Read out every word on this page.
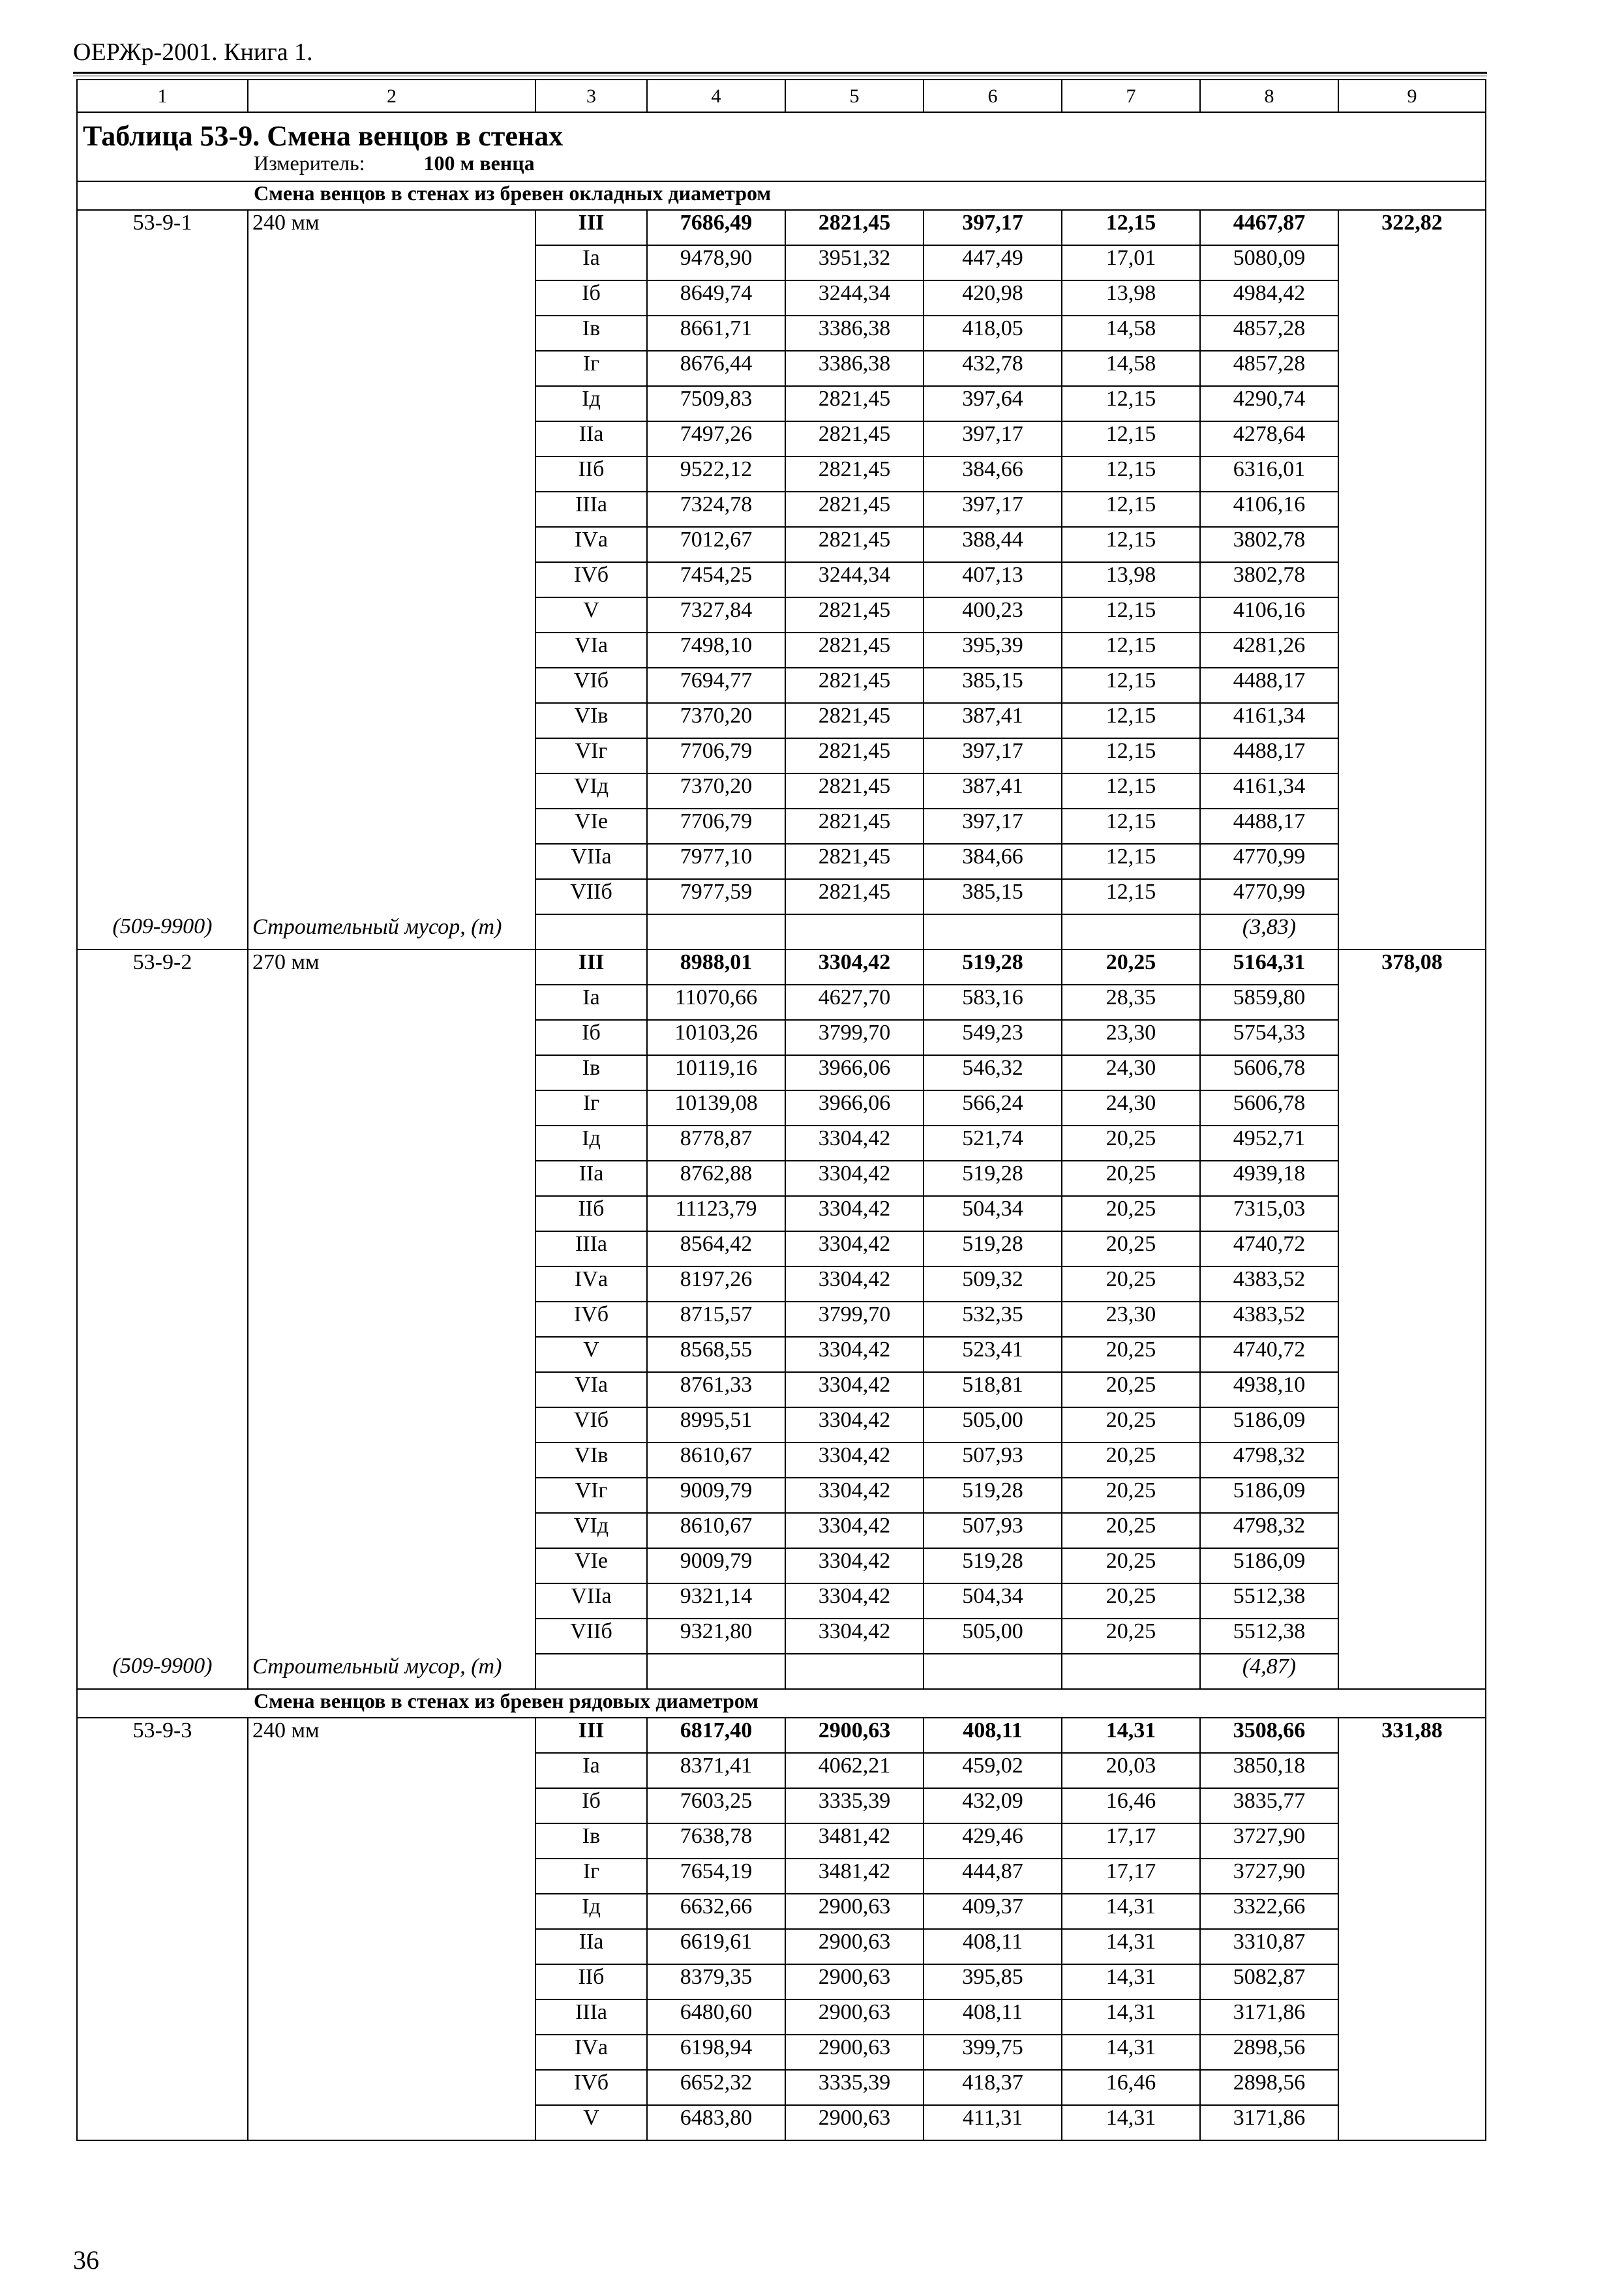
ОЕРЖр-2001. Книга 1.
1	2	3	4	5	6	7	8	9
Таблица 53-9. Смена венцов в стенах								
Измеритель: 100 м венца								
Смена венцов в стенах из бревен окладных диаметром								
53-9-1	240 мм	III	7686,49	2821,45	397,17	12,15	4467,87	322,82
		Iа	9478,90	3951,32	447,49	17,01	5080,09	
		Iб	8649,74	3244,34	420,98	13,98	4984,42	
		Iв	8661,71	3386,38	418,05	14,58	4857,28	
		Iг	8676,44	3386,38	432,78	14,58	4857,28	
		Iд	7509,83	2821,45	397,64	12,15	4290,74	
		IIа	7497,26	2821,45	397,17	12,15	4278,64	
		IIб	9522,12	2821,45	384,66	12,15	6316,01	
		IIIа	7324,78	2821,45	397,17	12,15	4106,16	
		IVа	7012,67	2821,45	388,44	12,15	3802,78	
		IVб	7454,25	3244,34	407,13	13,98	3802,78	
		V	7327,84	2821,45	400,23	12,15	4106,16	
		VIа	7498,10	2821,45	395,39	12,15	4281,26	
		VIб	7694,77	2821,45	385,15	12,15	4488,17	
		VIв	7370,20	2821,45	387,41	12,15	4161,34	
		VIг	7706,79	2821,45	397,17	12,15	4488,17	
		VIд	7370,20	2821,45	387,41	12,15	4161,34	
		VIе	7706,79	2821,45	397,17	12,15	4488,17	
		VIIа	7977,10	2821,45	384,66	12,15	4770,99	
		VIIб	7977,59	2821,45	385,15	12,15	4770,99	
(509-9900)	Строительный мусор, (т)						(3,83)	
53-9-2	270 мм	III	8988,01	3304,42	519,28	20,25	5164,31	378,08
		Iа	11070,66	4627,70	583,16	28,35	5859,80	
		Iб	10103,26	3799,70	549,23	23,30	5754,33	
		Iв	10119,16	3966,06	546,32	24,30	5606,78	
		Iг	10139,08	3966,06	566,24	24,30	5606,78	
		Iд	8778,87	3304,42	521,74	20,25	4952,71	
		IIа	8762,88	3304,42	519,28	20,25	4939,18	
		IIб	11123,79	3304,42	504,34	20,25	7315,03	
		IIIа	8564,42	3304,42	519,28	20,25	4740,72	
		IVа	8197,26	3304,42	509,32	20,25	4383,52	
		IVб	8715,57	3799,70	532,35	23,30	4383,52	
		V	8568,55	3304,42	523,41	20,25	4740,72	
		VIа	8761,33	3304,42	518,81	20,25	4938,10	
		VIб	8995,51	3304,42	505,00	20,25	5186,09	
		VIв	8610,67	3304,42	507,93	20,25	4798,32	
		VIг	9009,79	3304,42	519,28	20,25	5186,09	
		VIд	8610,67	3304,42	507,93	20,25	4798,32	
		VIе	9009,79	3304,42	519,28	20,25	5186,09	
		VIIа	9321,14	3304,42	504,34	20,25	5512,38	
		VIIб	9321,80	3304,42	505,00	20,25	5512,38	
(509-9900)	Строительный мусор, (т)						(4,87)	
Смена венцов в стенах из бревен рядовых диаметром								
53-9-3	240 мм	III	6817,40	2900,63	408,11	14,31	3508,66	331,88
		Iа	8371,41	4062,21	459,02	20,03	3850,18	
		Iб	7603,25	3335,39	432,09	16,46	3835,77	
		Iв	7638,78	3481,42	429,46	17,17	3727,90	
		Iг	7654,19	3481,42	444,87	17,17	3727,90	
		Iд	6632,66	2900,63	409,37	14,31	3322,66	
		IIа	6619,61	2900,63	408,11	14,31	3310,87	
		IIб	8379,35	2900,63	395,85	14,31	5082,87	
		IIIа	6480,60	2900,63	408,11	14,31	3171,86	
		IVа	6198,94	2900,63	399,75	14,31	2898,56	
		IVб	6652,32	3335,39	418,37	16,46	2898,56	
		V	6483,80	2900,63	411,31	14,31	3171,86	
36
